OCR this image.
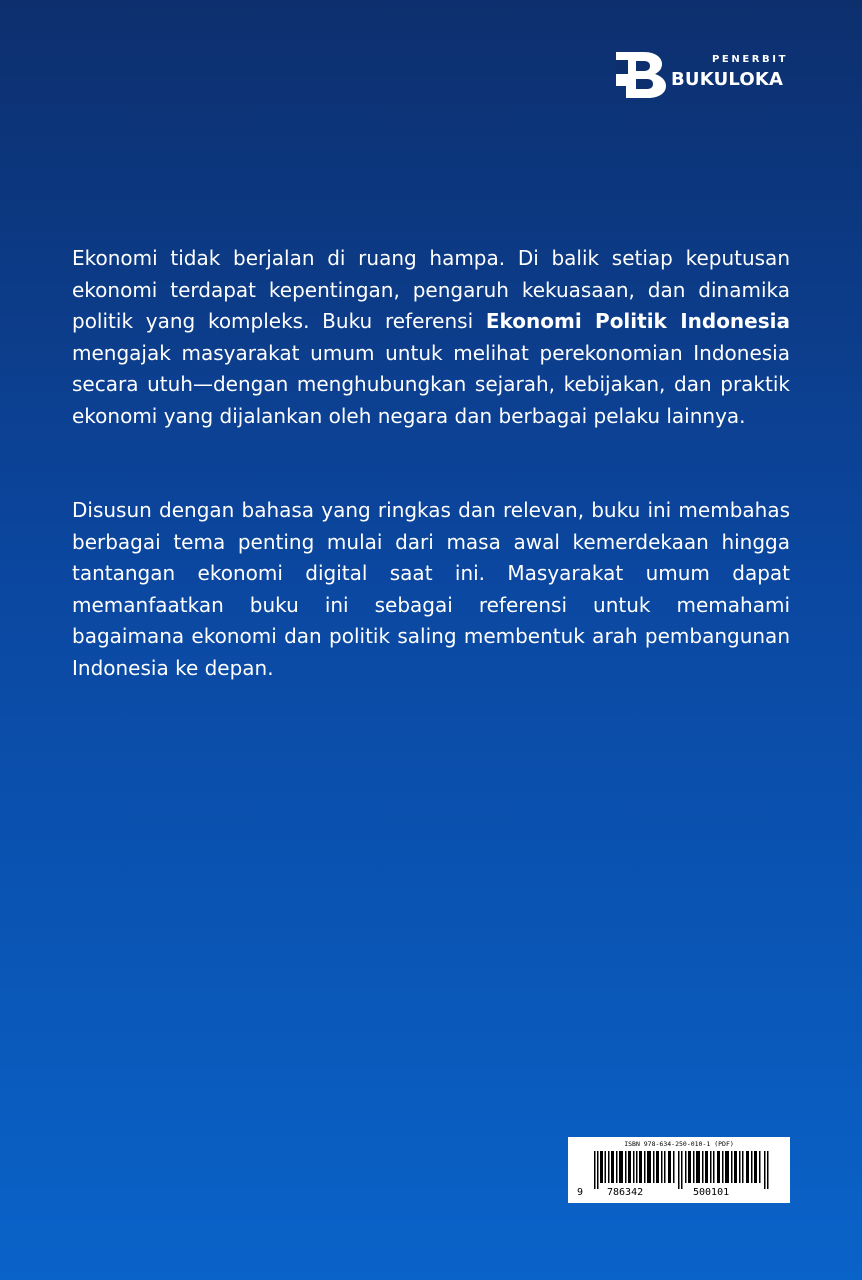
PENERBIT
BUKULOKA

Ekonomi tidak berjalan di ruang hampa. Di balik setiap keputusan ekonomi terdapat kepentingan, pengaruh kekuasaan, dan dinamika politik yang kompleks. Buku referensi Ekonomi Politik Indonesia mengajak masyarakat umum untuk melihat perekonomian Indonesia secara utuh—dengan menghubungkan sejarah, kebijakan, dan praktik ekonomi yang dijalankan oleh negara dan berbagai pelaku lainnya.

Disusun dengan bahasa yang ringkas dan relevan, buku ini membahas berbagai tema penting mulai dari masa awal kemerdekaan hingga tantangan ekonomi digital saat ini. Masyarakat umum dapat memanfaatkan buku ini sebagai referensi untuk memahami bagaimana ekonomi dan politik saling membentuk arah pembangunan Indonesia ke depan.

ISBN 978-634-250-010-1 (PDF)
9 786342	500101
